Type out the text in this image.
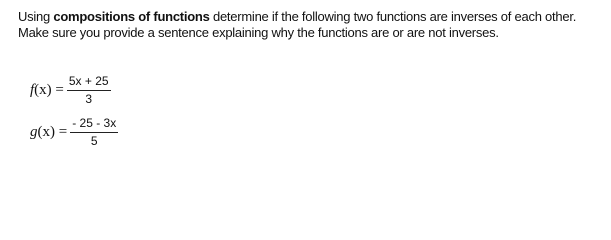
Using compositions of functions determine if the following two functions are inverses of each other.
Make sure you provide a sentence explaining why the functions are or are not inverses.
$f(x) = \frac{5x + 25}{3}$
$g(x) = \frac{- 25 - 3x}{5}$
